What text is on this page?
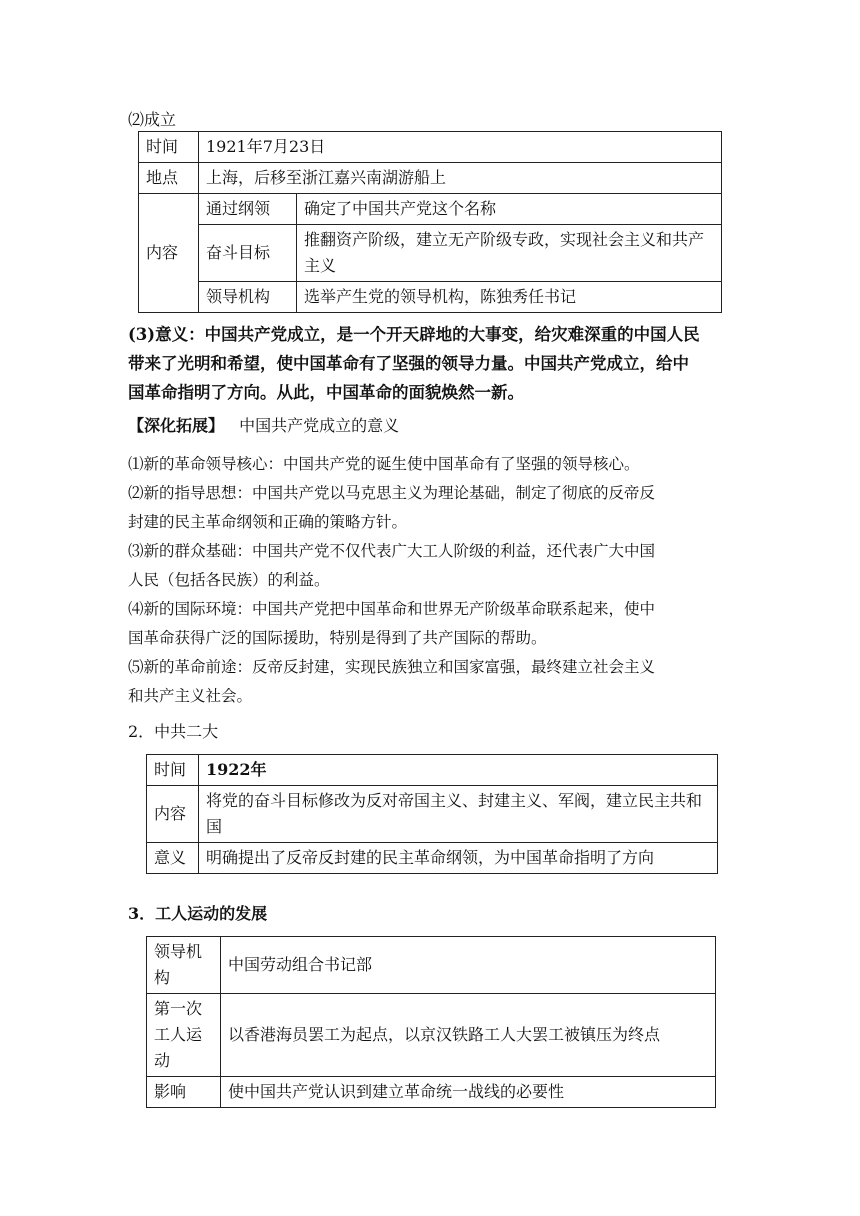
⑵成立
时间	1921年7月23日	
地点	上海，后移至浙江嘉兴南湖游船上	
内容	通过纲领	确定了中国共产党这个名称
	奋斗目标	推翻资产阶级，建立无产阶级专政，实现社会主义和共产主义
	领导机构	选举产生党的领导机构，陈独秀任书记
(3)意义：中国共产党成立，是一个开天辟地的大事变，给灾难深重的中国人民
带来了光明和希望，使中国革命有了坚强的领导力量。中国共产党成立，给中
国革命指明了方向。从此，中国革命的面貌焕然一新。
【深化拓展】 中国共产党成立的意义
⑴新的革命领导核心：中国共产党的诞生使中国革命有了坚强的领导核心。
⑵新的指导思想：中国共产党以马克思主义为理论基础，制定了彻底的反帝反
封建的民主革命纲领和正确的策略方针。
⑶新的群众基础：中国共产党不仅代表广大工人阶级的利益，还代表广大中国
人民（包括各民族）的利益。
⑷新的国际环境：中国共产党把中国革命和世界无产阶级革命联系起来，使中
国革命获得广泛的国际援助，特别是得到了共产国际的帮助。
⑸新的革命前途：反帝反封建，实现民族独立和国家富强，最终建立社会主义
和共产主义社会。
2．中共二大
时间	1922年
内容	将党的奋斗目标修改为反对帝国主义、封建主义、军阀，建立民主共和国
意义	明确提出了反帝反封建的民主革命纲领，为中国革命指明了方向
3．工人运动的发展
领导机构	中国劳动组合书记部
第一次工人运动	以香港海员罢工为起点，以京汉铁路工人大罢工被镇压为终点
影响	使中国共产党认识到建立革命统一战线的必要性
